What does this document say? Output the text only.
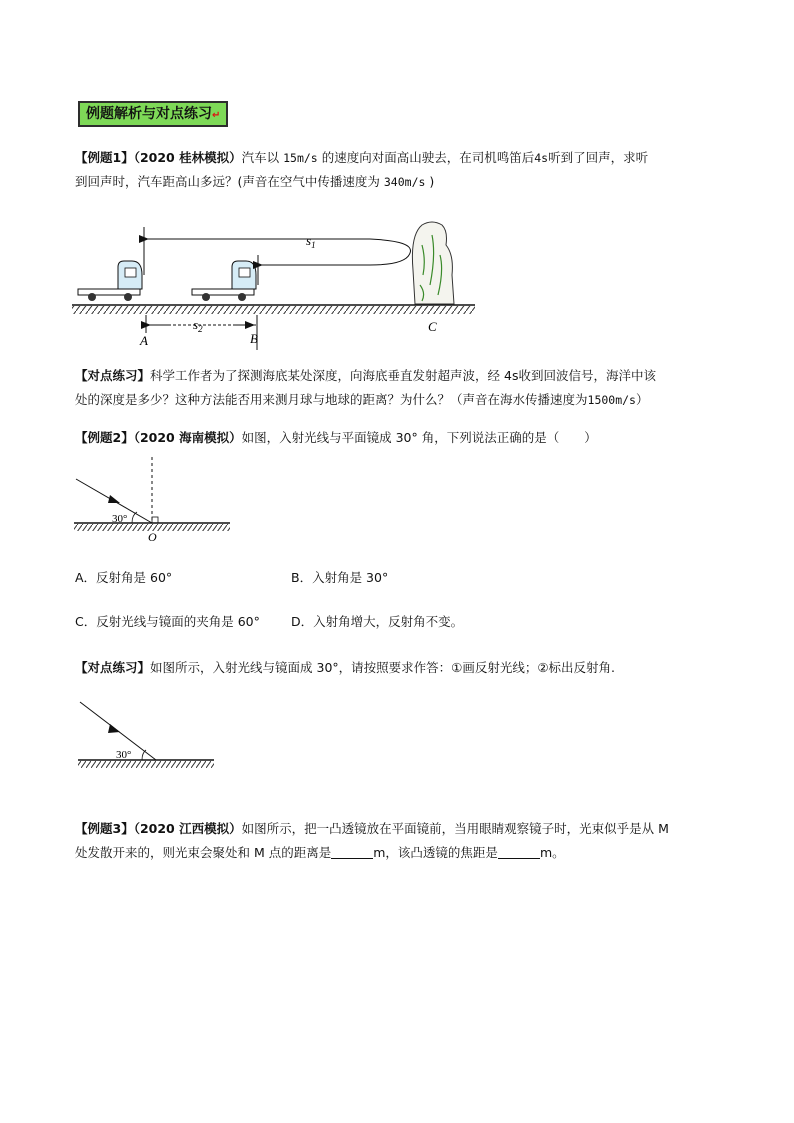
例题解析与对点练习↵
【例题1】（2020 桂林模拟）汽车以 15m/s 的速度向对面高山驶去，在司机鸣笛后4s听到了回声，求听
到回声时，汽车距高山多远？(声音在空气中传播速度为 340m/s )
$s_1$
$s_2$
A	B
C
【对点练习】科学工作者为了探测海底某处深度，向海底垂直发射超声波，经 4s收到回波信号，海洋中该
处的深度是多少？这种方法能否用来测月球与地球的距离？为什么？（声音在海水传播速度为1500m/s）
【例题2】（2020 海南模拟）如图，入射光线与平面镜成 30° 角，下列说法正确的是（　　）
30°
O
A．反射角是 60°	B．入射角是 30°
C．反射光线与镜面的夹角是 60° D．入射角增大，反射角不变。
【对点练习】如图所示，入射光线与镜面成 30°，请按照要求作答：①画反射光线；②标出反射角.
30°
【例题3】（2020 江西模拟）如图所示，把一凸透镜放在平面镜前，当用眼睛观察镜子时，光束似乎是从 M
处发散开来的，则光束会聚处和 M 点的距离是	m，该凸透镜的焦距是	m。
